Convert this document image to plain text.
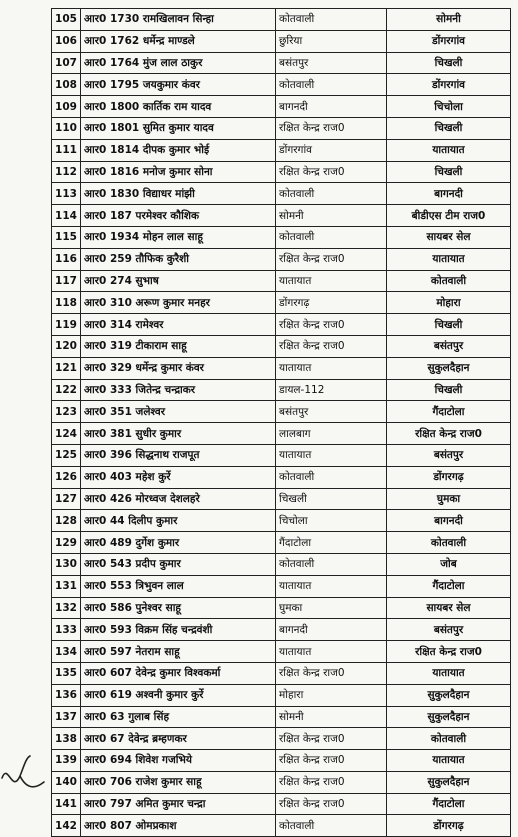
105	आर0 1730 रामखिलावन सिन्हा	कोतवाली	सोमनी
106	आर0 1762 धर्मेन्द्र माण्डले	छुरिया	डोंगरगांव
107	आर0 1764 मुंज लाल ठाकुर	बसंतपुर	चिखली
108	आर0 1795 जयकुमार कंवर	कोतवाली	डोंगरगांव
109	आर0 1800 कार्तिक राम यादव	बागनदी	चिचोला
110	आर0 1801 सुमित कुमार यादव	रक्षित केन्द्र राज0	चिखली
111	आर0 1814 दीपक कुमार भोई	डोंगरगांव	यातायात
112	आर0 1816 मनोज कुमार सोना	रक्षित केन्द्र राज0	चिखली
113	आर0 1830 विद्याधर मांझी	कोतवाली	बागनदी
114	आर0 187 परमेश्वर कौशिक	सोमनी	बीडीएस टीम राज0
115	आर0 1934 मोहन लाल साहू	कोतवाली	सायबर सेल
116	आर0 259 तौफिक कुरैशी	रक्षित केन्द्र राज0	यातायात
117	आर0 274 सुभाष	यातायात	कोतवाली
118	आर0 310 अरूण कुमार मनहर	डोंगरगढ़	मोहारा
119	आर0 314 रामेश्वर	रक्षित केन्द्र राज0	चिखली
120	आर0 319 टीकाराम साहू	रक्षित केन्द्र राज0	बसंतपुर
121	आर0 329 धर्मेन्द्र कुमार कंवर	यातायात	सुकुलदैहान
122	आर0 333 जितेन्द्र चन्द्राकर	डायल-112	चिखली
123	आर0 351 जलेश्वर	बसंतपुर	गैंदाटोला
124	आर0 381 सुधीर कुमार	लालबाग	रक्षित केन्द्र राज0
125	आर0 396 सिद्धनाथ राजपूत	यातायात	बसंतपुर
126	आर0 403 महेश कुर्रे	कोतवाली	डोंगरगढ़
127	आर0 426 मोरध्वज देशलहरे	चिखली	घुमका
128	आर0 44 दिलीप कुमार	चिचोला	बागनदी
129	आर0 489 दुर्गेश कुमार	गैंदाटोला	कोतवाली
130	आर0 543 प्रदीप कुमार	कोतवाली	जोब
131	आर0 553 त्रिभुवन लाल	यातायात	गैंदाटोला
132	आर0 586 पुनेश्वर साहू	घुमका	सायबर सेल
133	आर0 593 विक्रम सिंह चन्द्रवंशी	बागनदी	बसंतपुर
134	आर0 597 नेतराम साहू	यातायात	रक्षित केन्द्र राज0
135	आर0 607 देवेन्द्र कुमार विश्वकर्मा	रक्षित केन्द्र राज0	यातायात
136	आर0 619 अश्वनी कुमार कुर्रे	मोहारा	सुकुलदैहान
137	आर0 63 गुलाब सिंह	सोमनी	सुकुलदैहान
138	आर0 67 देवेन्द्र ब्रम्हणकर	रक्षित केन्द्र राज0	कोतवाली
139	आर0 694 शिवेश गजभिये	रक्षित केन्द्र राज0	यातायात
140	आर0 706 राजेश कुमार साहू	रक्षित केन्द्र राज0	सुकुलदैहान
141	आर0 797 अमित कुमार चन्द्रा	रक्षित केन्द्र राज0	गैंदाटोला
142	आर0 807 ओमप्रकाश	कोतवाली	डोंगरगढ़
